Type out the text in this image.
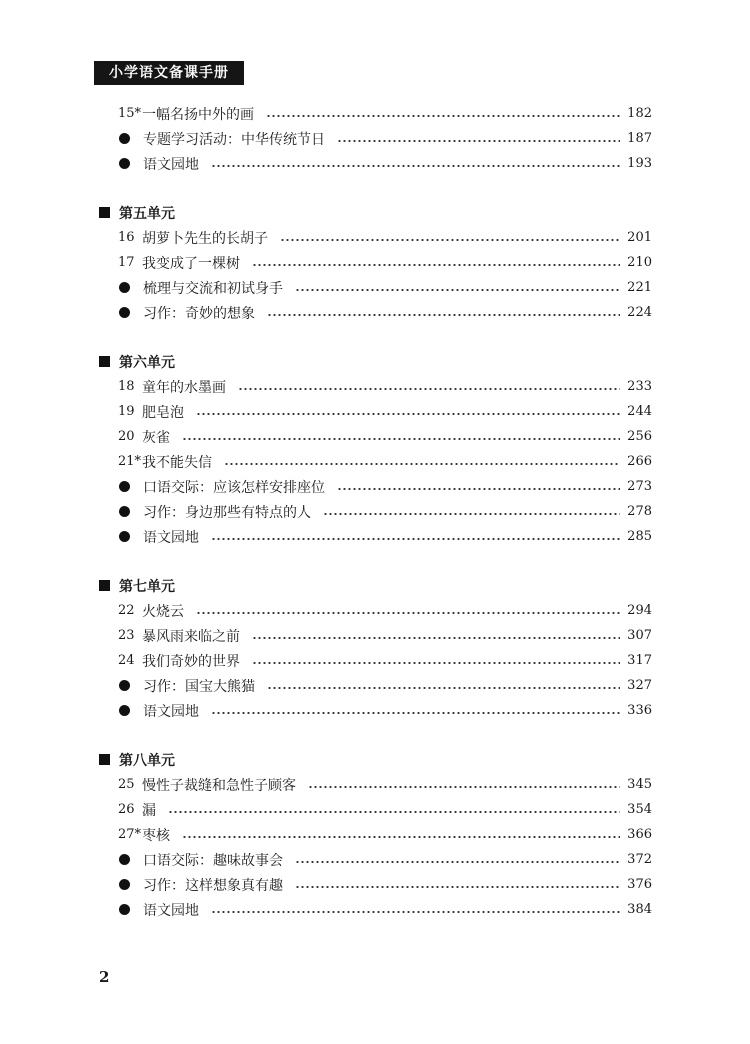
小学语文备课手册
15* 一幅名扬中外的画	182
专题学习活动：中华传统节日	187
语文园地	193
第五单元
16 胡萝卜先生的长胡子	201
17 我变成了一棵树	210
梳理与交流和初试身手	221
习作：奇妙的想象	224
第六单元
18 童年的水墨画	233
19 肥皂泡	244
20 灰雀	256
21* 我不能失信	266
口语交际：应该怎样安排座位	273
习作：身边那些有特点的人	278
语文园地	285
第七单元
22 火烧云	294
23 暴风雨来临之前	307
24 我们奇妙的世界	317
习作：国宝大熊猫	327
语文园地	336
第八单元
25 慢性子裁缝和急性子顾客	345
26 漏	354
27* 枣核	366
口语交际：趣味故事会	372
习作：这样想象真有趣	376
语文园地	384
2
